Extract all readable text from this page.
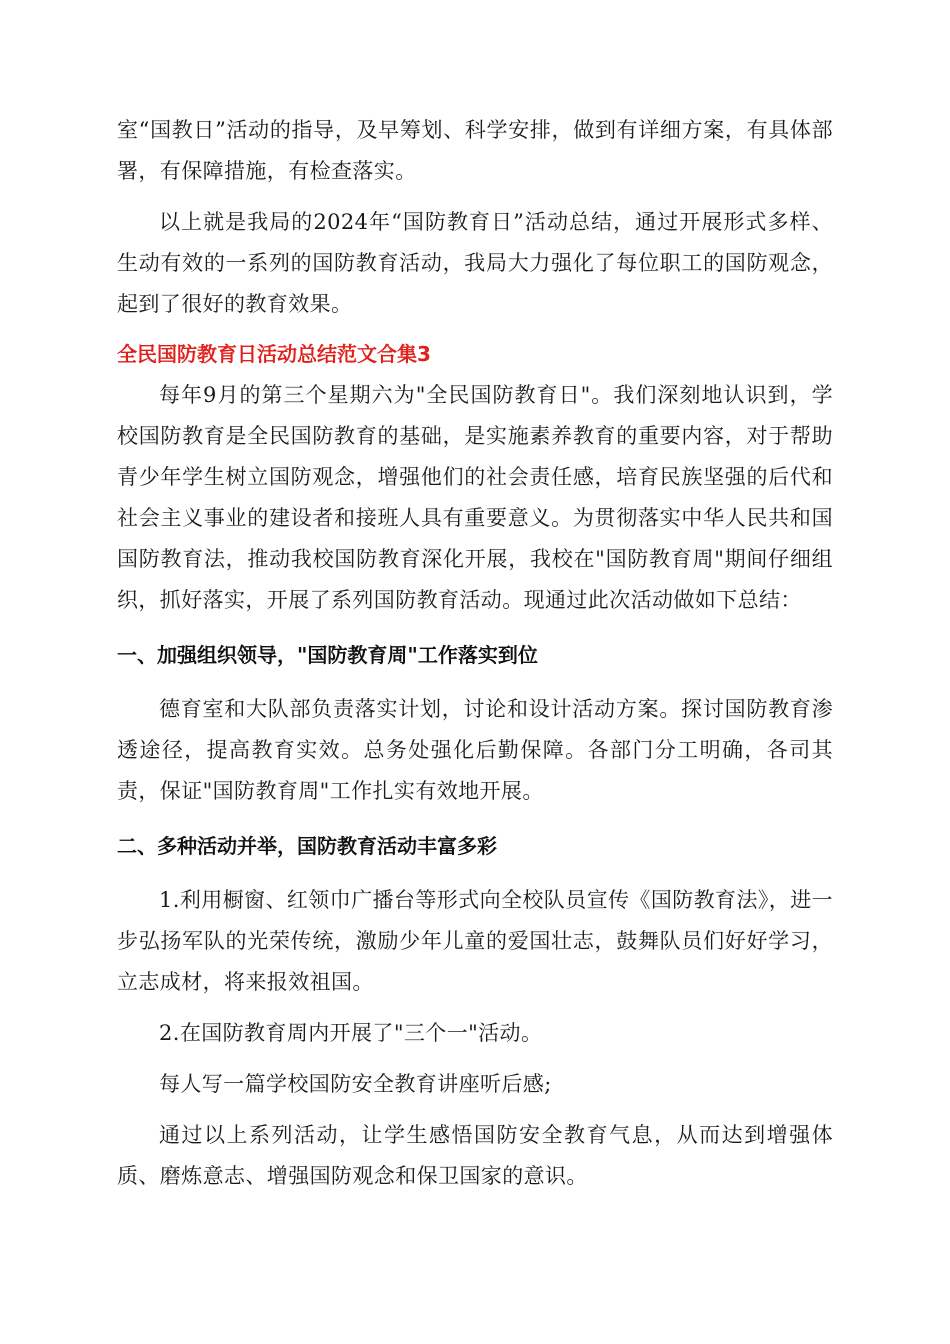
室“国教日”活动的指导，及早筹划、科学安排，做到有详细方案，有具体部署，有保障措施，有检查落实。

以上就是我局的2024年“国防教育日”活动总结，通过开展形式多样、生动有效的一系列的国防教育活动，我局大力强化了每位职工的国防观念，起到了很好的教育效果。

全民国防教育日活动总结范文合集3

每年9月的第三个星期六为"全民国防教育日"。我们深刻地认识到，学校国防教育是全民国防教育的基础，是实施素养教育的重要内容，对于帮助青少年学生树立国防观念，增强他们的社会责任感，培育民族坚强的后代和社会主义事业的建设者和接班人具有重要意义。为贯彻落实中华人民共和国国防教育法，推动我校国防教育深化开展，我校在"国防教育周"期间仔细组织，抓好落实，开展了系列国防教育活动。现通过此次活动做如下总结：

一、加强组织领导，"国防教育周"工作落实到位

德育室和大队部负责落实计划，讨论和设计活动方案。探讨国防教育渗透途径，提高教育实效。总务处强化后勤保障。各部门分工明确，各司其责，保证"国防教育周"工作扎实有效地开展。

二、多种活动并举，国防教育活动丰富多彩

1.利用橱窗、红领巾广播台等形式向全校队员宣传《国防教育法》，进一步弘扬军队的光荣传统，激励少年儿童的爱国壮志，鼓舞队员们好好学习，立志成材，将来报效祖国。

2.在国防教育周内开展了"三个一"活动。

每人写一篇学校国防安全教育讲座听后感;

通过以上系列活动，让学生感悟国防安全教育气息，从而达到增强体质、磨炼意志、增强国防观念和保卫国家的意识。
